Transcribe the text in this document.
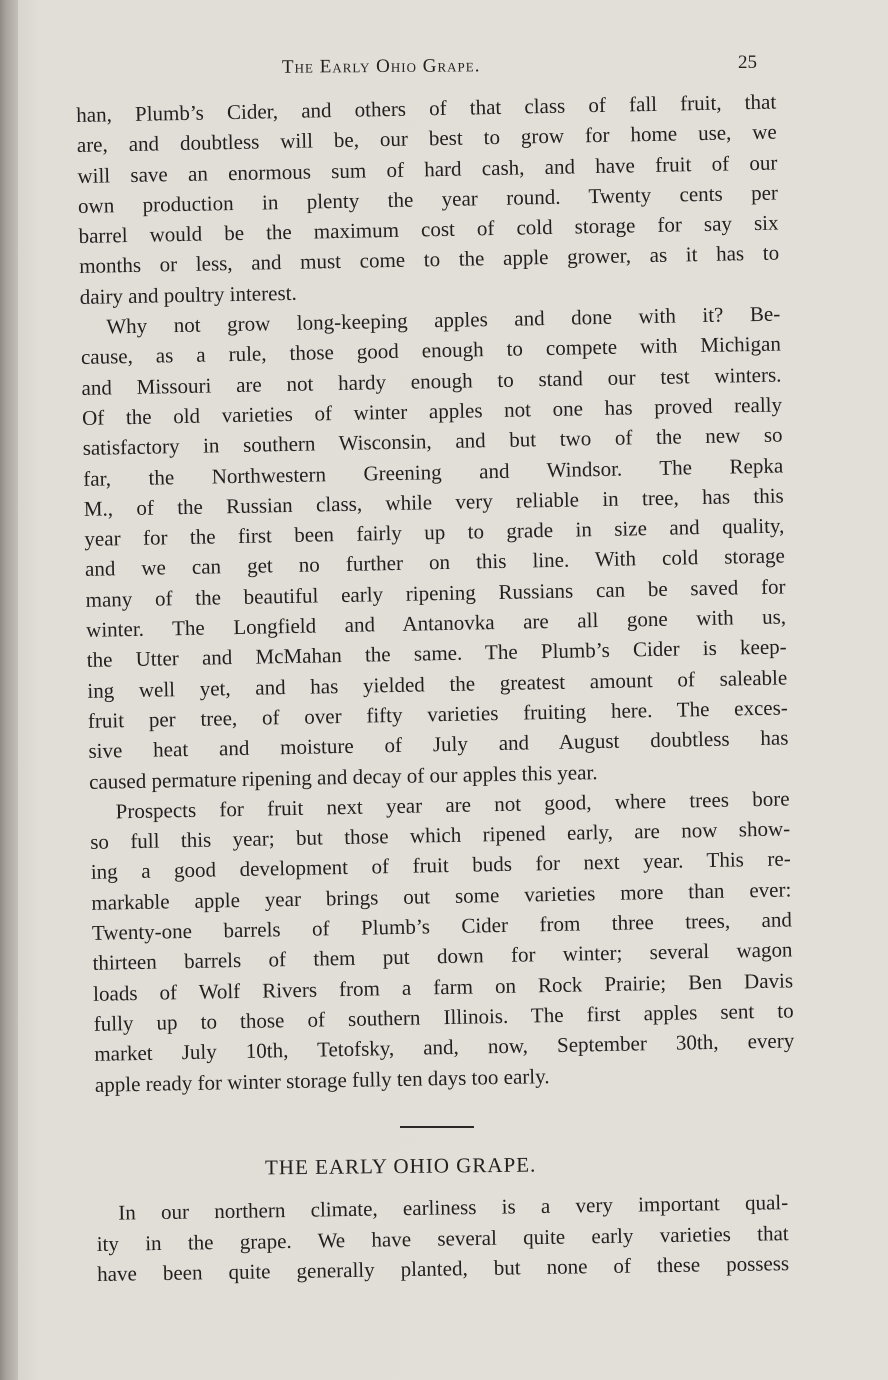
The Early Ohio Grape.	25
han, Plumb’s Cider, and others of that class of fall fruit, that
are, and doubtless will be, our best to grow for home use, we
will save an enormous sum of hard cash, and have fruit of our
own production in plenty the year round. Twenty cents per
barrel would be the maximum cost of cold storage for say six
months or less, and must come to the apple grower, as it has to
dairy and poultry interest.
Why not grow long-keeping apples and done with it? Be-
cause, as a rule, those good enough to compete with Michigan
and Missouri are not hardy enough to stand our test winters.
Of the old varieties of winter apples not one has proved really
satisfactory in southern Wisconsin, and but two of the new so
far, the Northwestern Greening and Windsor. The Repka
M., of the Russian class, while very reliable in tree, has this
year for the first been fairly up to grade in size and quality,
and we can get no further on this line. With cold storage
many of the beautiful early ripening Russians can be saved for
winter. The Longfield and Antanovka are all gone with us,
the Utter and McMahan the same. The Plumb’s Cider is keep-
ing well yet, and has yielded the greatest amount of saleable
fruit per tree, of over fifty varieties fruiting here. The exces-
sive heat and moisture of July and August doubtless has
caused permature ripening and decay of our apples this year.
Prospects for fruit next year are not good, where trees bore
so full this year; but those which ripened early, are now show-
ing a good development of fruit buds for next year. This re-
markable apple year brings out some varieties more than ever:
Twenty-one barrels of Plumb’s Cider from three trees, and
thirteen barrels of them put down for winter; several wagon
loads of Wolf Rivers from a farm on Rock Prairie; Ben Davis
fully up to those of southern Illinois. The first apples sent to
market July 10th, Tetofsky, and, now, September 30th, every
apple ready for winter storage fully ten days too early.
THE EARLY OHIO GRAPE.
In our northern climate, earliness is a very important qual-
ity in the grape. We have several quite early varieties that
have been quite generally planted, but none of these possess
